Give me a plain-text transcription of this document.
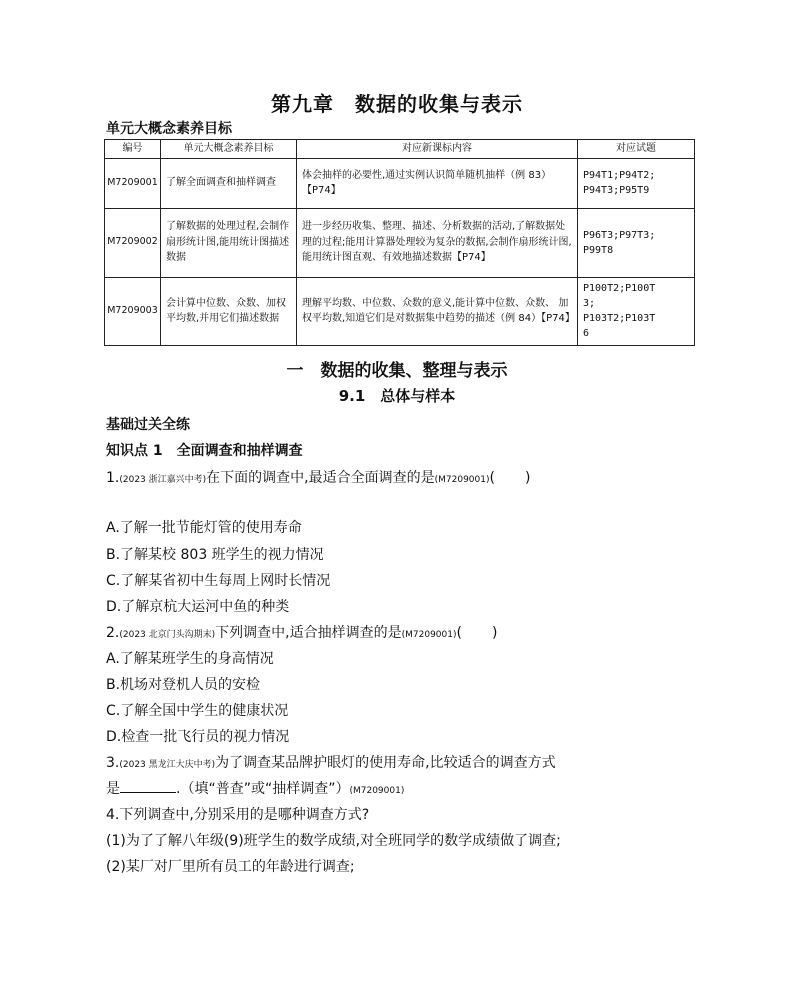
第九章　数据的收集与表示
单元大概念素养目标
编号	单元大概念素养目标	对应新课标内容	对应试题
M7209001	了解全面调查和抽样调查	体会抽样的必要性,通过实例认识简单随机抽样（例 83）【P74】	P94T1;P94T2;
P94T3;P95T9
M7209002	了解数据的处理过程,会制作扇形统计图,能用统计图描述数据	进一步经历收集、整理、描述、分析数据的活动,了解数据处理的过程;能用计算器处理较为复杂的数据,会制作扇形统计图,能用统计图直观、有效地描述数据【P74】	P96T3;P97T3;
P99T8
M7209003	会计算中位数、众数、加权平均数,并用它们描述数据	理解平均数、中位数、众数的意义,能计算中位数、众数、 加权平均数,知道它们是对数据集中趋势的描述（例 84）【P74】	P100T2;P100T
3;
P103T2;P103T
6
一　数据的收集、整理与表示
9.1　总体与样本
基础过关全练
知识点 1　全面调查和抽样调查
1.(2023 浙江嘉兴中考)在下面的调查中,最适合全面调查的是(M7209001)( )
A.了解一批节能灯管的使用寿命
B.了解某校 803 班学生的视力情况
C.了解某省初中生每周上网时长情况
D.了解京杭大运河中鱼的种类
2.(2023 北京门头沟期末)下列调查中,适合抽样调查的是(M7209001)( )
A.了解某班学生的身高情况
B.机场对登机人员的安检
C.了解全国中学生的健康状况
D.检查一批飞行员的视力情况
3.(2023 黑龙江大庆中考)为了调查某品牌护眼灯的使用寿命,比较适合的调查方式
是	.（填“普查”或“抽样调查”）(M7209001)
4.下列调查中,分别采用的是哪种调查方式?
(1)为了了解八年级(9)班学生的数学成绩,对全班同学的数学成绩做了调查;
(2)某厂对厂里所有员工的年龄进行调查;
